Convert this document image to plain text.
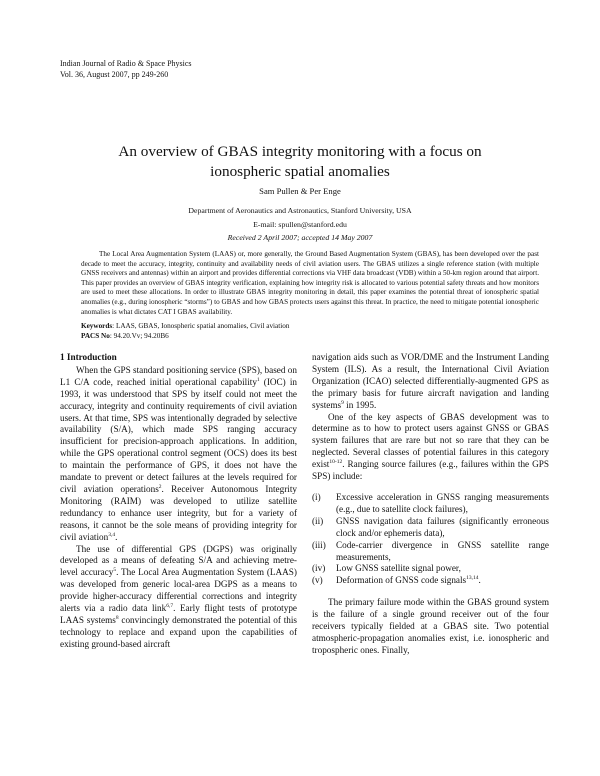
Indian Journal of Radio & Space Physics
Vol. 36, August 2007, pp 249-260
An overview of GBAS integrity monitoring with a focus on
ionospheric spatial anomalies
Sam Pullen & Per Enge
Department of Aeronautics and Astronautics, Stanford University, USA
E-mail: spullen@stanford.edu
Received 2 April 2007; accepted 14 May 2007

The Local Area Augmentation System (LAAS) or, more generally, the Ground Based Augmentation System (GBAS), has been developed over the past decade to meet the accuracy, integrity, continuity and availability needs of civil aviation users. The GBAS utilizes a single reference station (with multiple GNSS receivers and antennas) within an airport and provides differential corrections via VHF data broadcast (VDB) within a 50-km region around that airport. This paper provides an overview of GBAS integrity verification, explaining how integrity risk is allocated to various potential safety threats and how monitors are used to meet these allocations. In order to illustrate GBAS integrity monitoring in detail, this paper examines the potential threat of ionospheric spatial anomalies (e.g., during ionospheric “storms”) to GBAS and how GBAS protects users against this threat. In practice, the need to mitigate potential ionospheric anomalies is what dictates CAT I GBAS availability.

Keywords: LAAS, GBAS, Ionospheric spatial anomalies, Civil aviation
PACS No: 94.20.Vv; 94.20B6
1 Introduction

When the GPS standard positioning service (SPS), based on L1 C/A code, reached initial operational capability$^1$ (IOC) in 1993, it was understood that SPS by itself could not meet the accuracy, integrity and continuity requirements of civil aviation users. At that time, SPS was intentionally degraded by selective availability (S/A), which made SPS ranging accuracy insufficient for precision-approach applications. In addition, while the GPS operational control segment (OCS) does its best to maintain the performance of GPS, it does not have the mandate to prevent or detect failures at the levels required for civil aviation operations$^2$. Receiver Autonomous Integrity Monitoring (RAIM) was developed to utilize satellite redundancy to enhance user integrity, but for a variety of reasons, it cannot be the sole means of providing integrity for civil aviation$^{3,4}$.

The use of differential GPS (DGPS) was originally developed as a means of defeating S/A and achieving metre-level accuracy$^5$. The Local Area Augmentation System (LAAS) was developed from generic local-area DGPS as a means to provide higher-accuracy differential corrections and integrity alerts via a radio data link$^{6,7}$. Early flight tests of prototype LAAS systems$^8$ convincingly demonstrated the potential of this technology to replace and expand upon the capabilities of existing ground-based aircraft

navigation aids such as VOR/DME and the Instrument Landing System (ILS). As a result, the International Civil Aviation Organization (ICAO) selected differentially-augmented GPS as the primary basis for future aircraft navigation and landing systems$^9$ in 1995.

One of the key aspects of GBAS development was to determine as to how to protect users against GNSS or GBAS system failures that are rare but not so rare that they can be neglected. Several classes of potential failures in this category exist$^{10-12}$. Ranging source failures (e.g., failures within the GPS SPS) include:

(i)	Excessive acceleration in GNSS ranging measurements (e.g., due to satellite clock failures),
(ii)	GNSS navigation data failures (significantly erroneous clock and/or ephemeris data),
(iii)	Code-carrier divergence in GNSS satellite range measurements,
(iv)	Low GNSS satellite signal power,
(v)	Deformation of GNSS code signals$^{13,14}$.

The primary failure mode within the GBAS ground system is the failure of a single ground receiver out of the four receivers typically fielded at a GBAS site. Two potential atmospheric-propagation anomalies exist, i.e. ionospheric and tropospheric ones. Finally,
